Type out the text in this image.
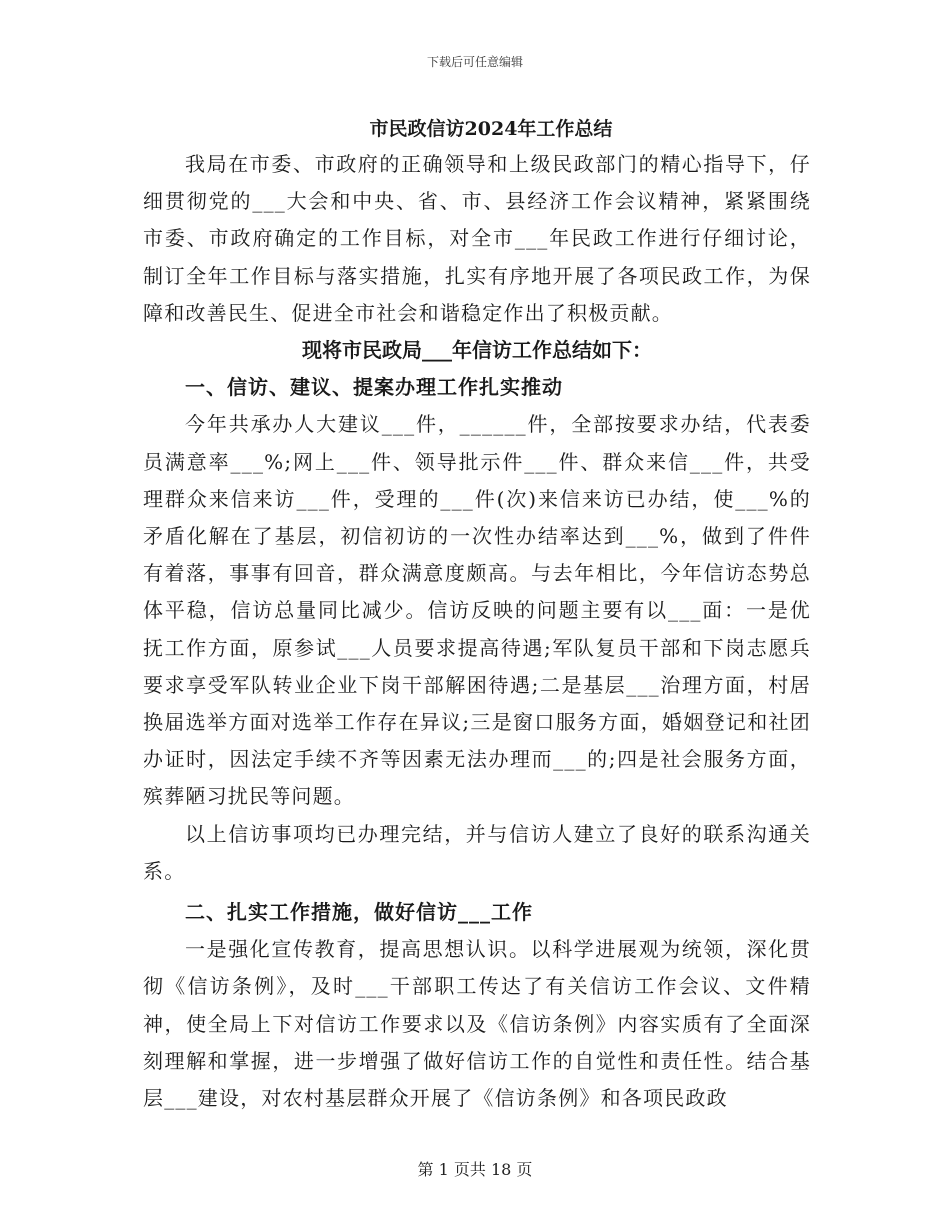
下载后可任意编辑

市民政信访2024年工作总结

我局在市委、市政府的正确领导和上级民政部门的精心指导下，仔细贯彻党的___大会和中央、省、市、县经济工作会议精神，紧紧围绕市委、市政府确定的工作目标，对全市___年民政工作进行仔细讨论，制订全年工作目标与落实措施，扎实有序地开展了各项民政工作，为保障和改善民生、促进全市社会和谐稳定作出了积极贡献。

现将市民政局___年信访工作总结如下：

一、信访、建议、提案办理工作扎实推动

今年共承办人大建议___件，______件，全部按要求办结，代表委员满意率___%;网上___件、领导批示件___件、群众来信___件，共受理群众来信来访___件，受理的___件(次)来信来访已办结，使___%的矛盾化解在了基层，初信初访的一次性办结率达到___%，做到了件件有着落，事事有回音，群众满意度颇高。与去年相比，今年信访态势总体平稳，信访总量同比减少。信访反映的问题主要有以___面：一是优抚工作方面，原参试___人员要求提高待遇;军队复员干部和下岗志愿兵要求享受军队转业企业下岗干部解困待遇;二是基层___治理方面，村居换届选举方面对选举工作存在异议;三是窗口服务方面，婚姻登记和社团办证时，因法定手续不齐等因素无法办理而___的;四是社会服务方面，殡葬陋习扰民等问题。

以上信访事项均已办理完结，并与信访人建立了良好的联系沟通关系。

二、扎实工作措施，做好信访___工作

一是强化宣传教育，提高思想认识。以科学进展观为统领，深化贯彻《信访条例》，及时___干部职工传达了有关信访工作会议、文件精神，使全局上下对信访工作要求以及《信访条例》内容实质有了全面深刻理解和掌握，进一步增强了做好信访工作的自觉性和责任性。结合基层___建设，对农村基层群众开展了《信访条例》和各项民政政

第 1 页共 18 页
